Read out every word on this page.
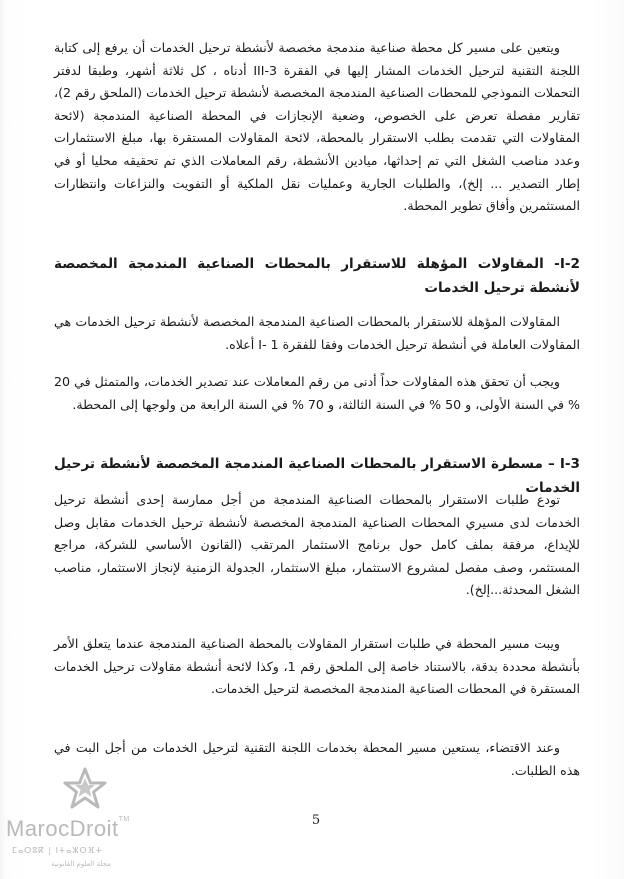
ويتعين على مسير كل محطة صناعية مندمجة مخصصة لأنشطة ترحيل الخدمات أن يرفع إلى كتابة اللجنة التقنية لترحيل الخدمات المشار إليها في الفقرة III-3 أدناه ، كل ثلاثة أشهر، وطبقا لدفتر التحملات النموذجي للمحطات الصناعية المندمجة المخصصة لأنشطة ترحيل الخدمات (الملحق رقم 2)، تقارير مفصلة تعرض على الخصوص، وضعية الإنجازات في المحطة الصناعية المندمجة (لائحة المقاولات التي تقدمت بطلب الاستقرار بالمحطة، لائحة المقاولات المستقرة بها، مبلغ الاستثمارات وعدد مناصب الشغل التي تم إحداثها، ميادين الأنشطة، رقم المعاملات الذي تم تحقيقه محليا أو في إطار التصدير ... إلخ)، والطلبات الجارية وعمليات نقل الملكية أو التفويت والنزاعات وانتظارات المستثمرين وأفاق تطوير المحطة.

I-2- المقاولات المؤهلة للاستقرار بالمحطات الصناعية المندمجة المخصصة لأنشطة ترحيل الخدمات

المقاولات المؤهلة للاستقرار بالمحطات الصناعية المندمجة المخصصة لأنشطة ترحيل الخدمات هي المقاولات العاملة في أنشطة ترحيل الخدمات وفقا للفقرة I- 1 أعلاه.

ويجب أن تحقق هذه المقاولات حداً أدنى من رقم المعاملات عند تصدير الخدمات، والمتمثل في 20 % في السنة الأولى، و 50 % في السنة الثالثة، و 70 % في السنة الرابعة من ولوجها إلى المحطة.

I-3 – مسطرة الاستقرار بالمحطات الصناعية المندمجة المخصصة لأنشطة ترحيل الخدمات

تودع طلبات الاستقرار بالمحطات الصناعية المندمجة من أجل ممارسة إحدى أنشطة ترحيل الخدمات لدى مسيري المحطات الصناعية المندمجة المخصصة لأنشطة ترحيل الخدمات مقابل وصل للإيداع، مرفقة بملف كامل حول برنامج الاستثمار المرتقب (القانون الأساسي للشركة، مراجع المستثمر، وصف مفصل لمشروع الاستثمار، مبلغ الاستثمار، الجدولة الزمنية لإنجاز الاستثمار، مناصب الشغل المحدثة...إلخ).

ويبت مسير المحطة في طلبات استقرار المقاولات بالمحطة الصناعية المندمجة عندما يتعلق الأمر بأنشطة محددة بدقة، بالاستناد خاصة إلى الملحق رقم 1، وكذا لائحة أنشطة مقاولات ترحيل الخدمات المستقرة في المحطات الصناعية المندمجة المخصصة لترحيل الخدمات.

وعند الاقتضاء، يستعين مسير المحطة بخدمات اللجنة التقنية لترحيل الخدمات من أجل البت في هذه الطلبات.

5
MarocDroit™
ⵎⴰⵔⵓⴽ | ⵏⵜⴰⵣⵔⴼⵜ
مجلة العلوم القانونية
